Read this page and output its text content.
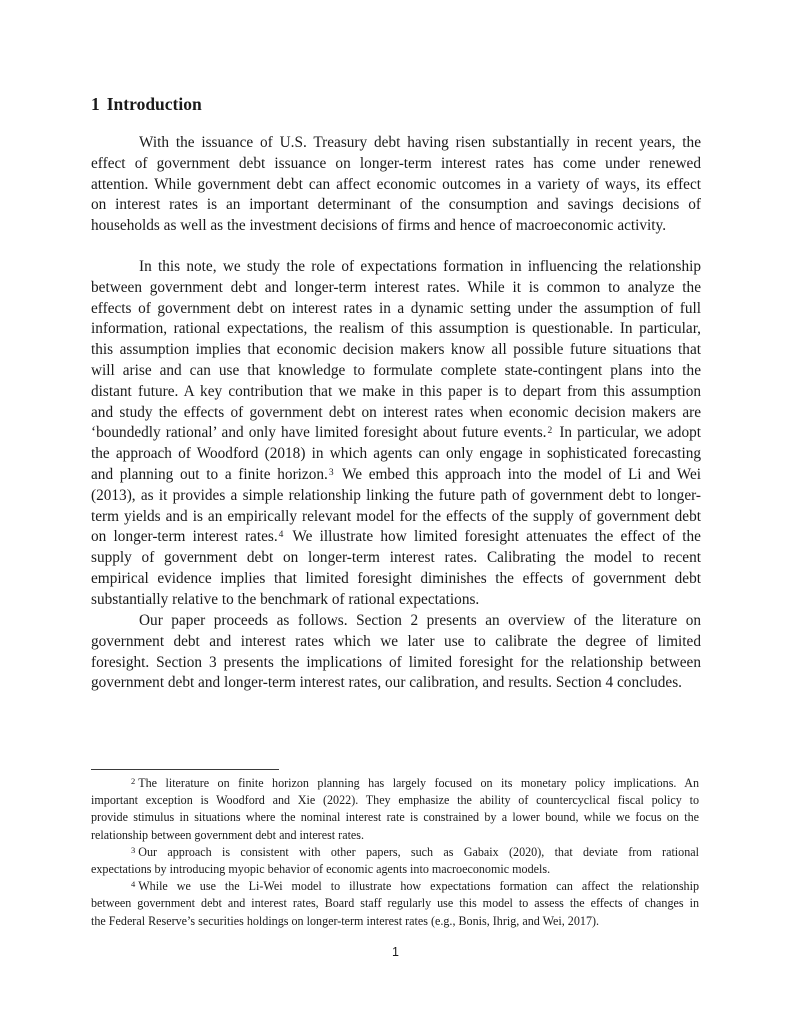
1 Introduction
With the issuance of U.S. Treasury debt having risen substantially in recent years, the
effect of government debt issuance on longer-term interest rates has come under renewed
attention. While government debt can affect economic outcomes in a variety of ways, its effect
on interest rates is an important determinant of the consumption and savings decisions of
households as well as the investment decisions of firms and hence of macroeconomic activity.
In this note, we study the role of expectations formation in influencing the relationship
between government debt and longer-term interest rates. While it is common to analyze the
effects of government debt on interest rates in a dynamic setting under the assumption of full
information, rational expectations, the realism of this assumption is questionable. In particular,
this assumption implies that economic decision makers know all possible future situations that
will arise and can use that knowledge to formulate complete state-contingent plans into the
distant future. A key contribution that we make in this paper is to depart from this assumption
and study the effects of government debt on interest rates when economic decision makers are
‘boundedly rational’ and only have limited foresight about future events.$^2$ In particular, we adopt
the approach of Woodford (2018) in which agents can only engage in sophisticated forecasting
and planning out to a finite horizon.$^3$ We embed this approach into the model of Li and Wei
(2013), as it provides a simple relationship linking the future path of government debt to longer-
term yields and is an empirically relevant model for the effects of the supply of government debt
on longer-term interest rates.$^4$ We illustrate how limited foresight attenuates the effect of the
supply of government debt on longer-term interest rates. Calibrating the model to recent
empirical evidence implies that limited foresight diminishes the effects of government debt
substantially relative to the benchmark of rational expectations.
Our paper proceeds as follows. Section 2 presents an overview of the literature on
government debt and interest rates which we later use to calibrate the degree of limited
foresight. Section 3 presents the implications of limited foresight for the relationship between
government debt and longer-term interest rates, our calibration, and results. Section 4 concludes.
$^2$ The literature on finite horizon planning has largely focused on its monetary policy implications. An
important exception is Woodford and Xie (2022). They emphasize the ability of countercyclical fiscal policy to
provide stimulus in situations where the nominal interest rate is constrained by a lower bound, while we focus on the
relationship between government debt and interest rates.
$^3$ Our approach is consistent with other papers, such as Gabaix (2020), that deviate from rational
expectations by introducing myopic behavior of economic agents into macroeconomic models.
$^4$ While we use the Li-Wei model to illustrate how expectations formation can affect the relationship
between government debt and interest rates, Board staff regularly use this model to assess the effects of changes in
the Federal Reserve’s securities holdings on longer-term interest rates (e.g., Bonis, Ihrig, and Wei, 2017).
1
